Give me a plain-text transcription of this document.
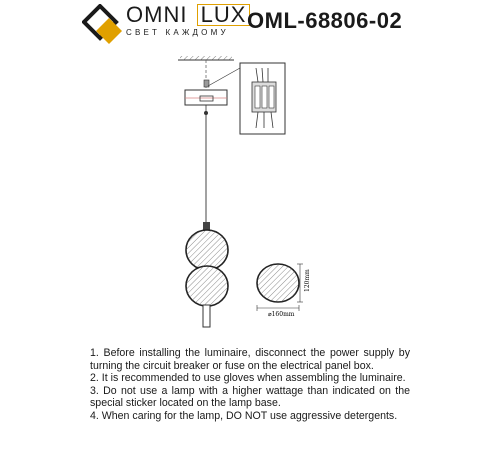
OMNI LUX
СВЕТ КАЖДОМУ OML-68806-02
120mm
⌀160mm

1. Before installing the luminaire, disconnect the power supply by turning the circuit breaker or fuse on the electrical panel box.

2. It is recommended to use gloves when assembling the luminaire.

3. Do not use a lamp with a higher wattage than indicated on the special sticker located on the lamp base.

4. When caring for the lamp, DO NOT use aggressive detergents.
